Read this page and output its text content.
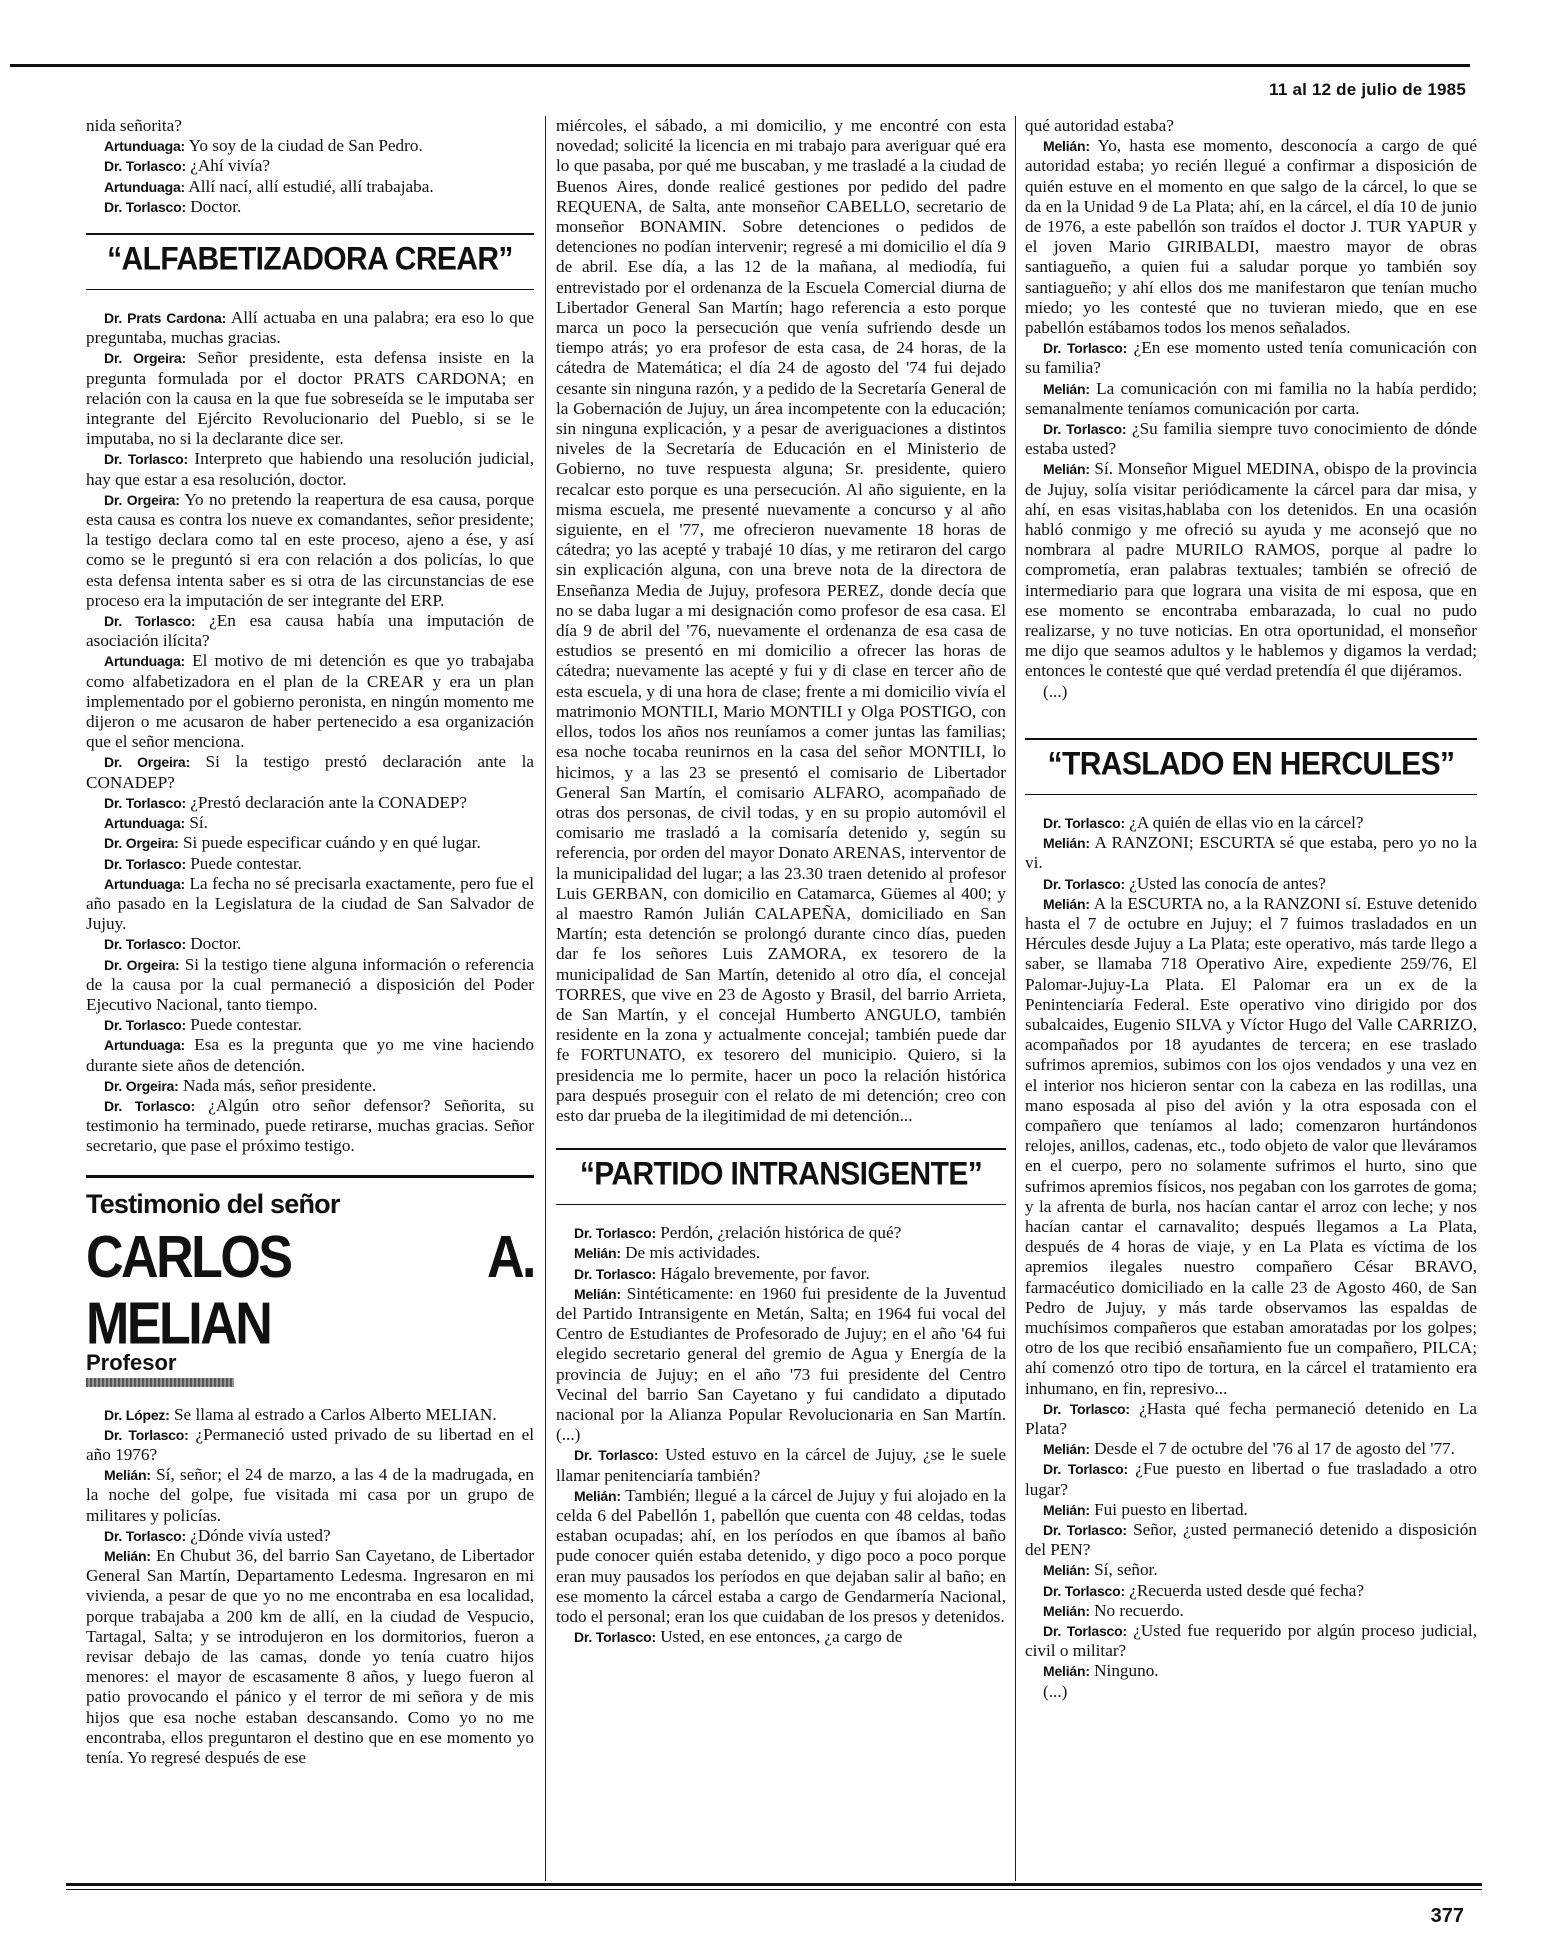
11 al 12 de julio de 1985

nida señorita?

Artunduaga: Yo soy de la ciudad de San Pedro.

Dr. Torlasco: ¿Ahí vivía?

Artunduaga: Allí nací, allí estudié, allí trabajaba.

Dr. Torlasco: Doctor.

“ALFABETIZADORA CREAR”

Dr. Prats Cardona: Allí actuaba en una palabra; era eso lo que preguntaba, muchas gracias.

Dr. Orgeira: Señor presidente, esta defensa insiste en la pregunta formulada por el doctor PRATS CARDONA; en relación con la causa en la que fue sobreseída se le imputaba ser integrante del Ejército Revolucionario del Pueblo, si se le imputaba, no si la declarante dice ser.

Dr. Torlasco: Interpreto que habiendo una resolución judicial, hay que estar a esa resolución, doctor.

Dr. Orgeira: Yo no pretendo la reapertura de esa causa, porque esta causa es contra los nueve ex comandantes, señor presidente; la testigo declara como tal en este proceso, ajeno a ése, y así como se le preguntó si era con relación a dos policías, lo que esta defensa intenta saber es si otra de las circunstancias de ese proceso era la imputación de ser integrante del ERP.

Dr. Torlasco: ¿En esa causa había una imputación de asociación ilícita?

Artunduaga: El motivo de mi detención es que yo trabajaba como alfabetizadora en el plan de la CREAR y era un plan implementado por el gobierno peronista, en ningún momento me dijeron o me acusaron de haber pertenecido a esa organización que el señor menciona.

Dr. Orgeira: Si la testigo prestó declaración ante la CONADEP?

Dr. Torlasco: ¿Prestó declaración ante la CONADEP?

Artunduaga: Sí.

Dr. Orgeira: Si puede especificar cuándo y en qué lugar.

Dr. Torlasco: Puede contestar.

Artunduaga: La fecha no sé precisarla exactamente, pero fue el año pasado en la Legislatura de la ciudad de San Salvador de Jujuy.

Dr. Torlasco: Doctor.

Dr. Orgeira: Si la testigo tiene alguna información o referencia de la causa por la cual permaneció a disposición del Poder Ejecutivo Nacional, tanto tiempo.

Dr. Torlasco: Puede contestar.

Artunduaga: Esa es la pregunta que yo me vine haciendo durante siete años de detención.

Dr. Orgeira: Nada más, señor presidente.

Dr. Torlasco: ¿Algún otro señor defensor? Señorita, su testimonio ha terminado, puede retirarse, muchas gracias. Señor secretario, que pase el próximo testigo.

Testimonio del señor
CARLOS A. MELIAN
Profesor

Dr. López: Se llama al estrado a Carlos Alberto MELIAN.

Dr. Torlasco: ¿Permaneció usted privado de su libertad en el año 1976?

Melián: Sí, señor; el 24 de marzo, a las 4 de la madrugada, en la noche del golpe, fue visitada mi casa por un grupo de militares y policías.

Dr. Torlasco: ¿Dónde vivía usted?

Melián: En Chubut 36, del barrio San Cayetano, de Libertador General San Martín, Departamento Ledesma. Ingresaron en mi vivienda, a pesar de que yo no me encontraba en esa localidad, porque trabajaba a 200 km de allí, en la ciudad de Vespucio, Tartagal, Salta; y se introdujeron en los dormitorios, fueron a revisar debajo de las camas, donde yo tenía cuatro hijos menores: el mayor de escasamente 8 años, y luego fueron al patio provocando el pánico y el terror de mi señora y de mis hijos que esa noche estaban descansando. Como yo no me encontraba, ellos preguntaron el destino que en ese momento yo tenía. Yo regresé después de ese

miércoles, el sábado, a mi domicilio, y me encontré con esta novedad; solicité la licencia en mi trabajo para averiguar qué era lo que pasaba, por qué me buscaban, y me trasladé a la ciudad de Buenos Aires, donde realicé gestiones por pedido del padre REQUENA, de Salta, ante monseñor CABELLO, secretario de monseñor BONAMIN. Sobre detenciones o pedidos de detenciones no podían intervenir; regresé a mi domicilio el día 9 de abril. Ese día, a las 12 de la mañana, al mediodía, fui entrevistado por el ordenanza de la Escuela Comercial diurna de Libertador General San Martín; hago referencia a esto porque marca un poco la persecución que venía sufriendo desde un tiempo atrás; yo era profesor de esta casa, de 24 horas, de la cátedra de Matemática; el día 24 de agosto del '74 fui dejado cesante sin ninguna razón, y a pedido de la Secretaría General de la Gobernación de Jujuy, un área incompetente con la educación; sin ninguna explicación, y a pesar de averiguaciones a distintos niveles de la Secretaría de Educación en el Ministerio de Gobierno, no tuve respuesta alguna; Sr. presidente, quiero recalcar esto porque es una persecución. Al año siguiente, en la misma escuela, me presenté nuevamente a concurso y al año siguiente, en el '77, me ofrecieron nuevamente 18 horas de cátedra; yo las acepté y trabajé 10 días, y me retiraron del cargo sin explicación alguna, con una breve nota de la directora de Enseñanza Media de Jujuy, profesora PEREZ, donde decía que no se daba lugar a mi designación como profesor de esa casa. El día 9 de abril del '76, nuevamente el ordenanza de esa casa de estudios se presentó en mi domicilio a ofrecer las horas de cátedra; nuevamente las acepté y fui y di clase en tercer año de esta escuela, y di una hora de clase; frente a mi domicilio vivía el matrimonio MONTILI, Mario MONTILI y Olga POSTIGO, con ellos, todos los años nos reuníamos a comer juntas las familias; esa noche tocaba reunirnos en la casa del señor MONTILI, lo hicimos, y a las 23 se presentó el comisario de Libertador General San Martín, el comisario ALFARO, acompañado de otras dos personas, de civil todas, y en su propio automóvil el comisario me trasladó a la comisaría detenido y, según su referencia, por orden del mayor Donato ARENAS, interventor de la municipalidad del lugar; a las 23.30 traen detenido al profesor Luis GERBAN, con domicilio en Catamarca, Güemes al 400; y al maestro Ramón Julián CALAPEÑA, domiciliado en San Martín; esta detención se prolongó durante cinco días, pueden dar fe los señores Luis ZAMORA, ex tesorero de la municipalidad de San Martín, detenido al otro día, el concejal TORRES, que vive en 23 de Agosto y Brasil, del barrio Arrieta, de San Martín, y el concejal Humberto ANGULO, también residente en la zona y actualmente concejal; también puede dar fe FORTUNATO, ex tesorero del municipio. Quiero, si la presidencia me lo permite, hacer un poco la relación histórica para después proseguir con el relato de mi detención; creo con esto dar prueba de la ilegitimidad de mi detención...

“PARTIDO INTRANSIGENTE”

Dr. Torlasco: Perdón, ¿relación histórica de qué?

Melián: De mis actividades.

Dr. Torlasco: Hágalo brevemente, por favor.

Melián: Sintéticamente: en 1960 fui presidente de la Juventud del Partido Intransigente en Metán, Salta; en 1964 fui vocal del Centro de Estudiantes de Profesorado de Jujuy; en el año '64 fui elegido secretario general del gremio de Agua y Energía de la provincia de Jujuy; en el año '73 fui presidente del Centro Vecinal del barrio San Cayetano y fui candidato a diputado nacional por la Alianza Popular Revolucionaria en San Martín.(...)

Dr. Torlasco: Usted estuvo en la cárcel de Jujuy, ¿se le suele llamar penitenciaría también?

Melián: También; llegué a la cárcel de Jujuy y fui alojado en la celda 6 del Pabellón 1, pabellón que cuenta con 48 celdas, todas estaban ocupadas; ahí, en los períodos en que íbamos al baño pude conocer quién estaba detenido, y digo poco a poco porque eran muy pausados los períodos en que dejaban salir al baño; en ese momento la cárcel estaba a cargo de Gendarmería Nacional, todo el personal; eran los que cuidaban de los presos y detenidos.

Dr. Torlasco: Usted, en ese entonces, ¿a cargo de

qué autoridad estaba?

Melián: Yo, hasta ese momento, desconocía a cargo de qué autoridad estaba; yo recién llegué a confirmar a disposición de quién estuve en el momento en que salgo de la cárcel, lo que se da en la Unidad 9 de La Plata; ahí, en la cárcel, el día 10 de junio de 1976, a este pabellón son traídos el doctor J. TUR YAPUR y el joven Mario GIRIBALDI, maestro mayor de obras santiagueño, a quien fui a saludar porque yo también soy santiagueño; y ahí ellos dos me manifestaron que tenían mucho miedo; yo les contesté que no tuvieran miedo, que en ese pabellón estábamos todos los menos señalados.

Dr. Torlasco: ¿En ese momento usted tenía comunicación con su familia?

Melián: La comunicación con mi familia no la había perdido; semanalmente teníamos comunicación por carta.

Dr. Torlasco: ¿Su familia siempre tuvo conocimiento de dónde estaba usted?

Melián: Sí. Monseñor Miguel MEDINA, obispo de la provincia de Jujuy, solía visitar periódicamente la cárcel para dar misa, y ahí, en esas visitas,hablaba con los detenidos. En una ocasión habló conmigo y me ofreció su ayuda y me aconsejó que no nombrara al padre MURILO RAMOS, porque al padre lo comprometía, eran palabras textuales; también se ofreció de intermediario para que lograra una visita de mi esposa, que en ese momento se encontraba embarazada, lo cual no pudo realizarse, y no tuve noticias. En otra oportunidad, el monseñor me dijo que seamos adultos y le hablemos y digamos la verdad; entonces le contesté que qué verdad pretendía él que dijéramos.

(...)

“TRASLADO EN HERCULES”

Dr. Torlasco: ¿A quién de ellas vio en la cárcel?

Melián: A RANZONI; ESCURTA sé que estaba, pero yo no la vi.

Dr. Torlasco: ¿Usted las conocía de antes?

Melián: A la ESCURTA no, a la RANZONI sí. Estuve detenido hasta el 7 de octubre en Jujuy; el 7 fuimos trasladados en un Hércules desde Jujuy a La Plata; este operativo, más tarde llego a saber, se llamaba 718 Operativo Aire, expediente 259/76, El Palomar-Jujuy-La Plata. El Palomar era un ex de la Penintenciaría Federal. Este operativo vino dirigido por dos subalcaides, Eugenio SILVA y Víctor Hugo del Valle CARRIZO, acompañados por 18 ayudantes de tercera; en ese traslado sufrimos apremios, subimos con los ojos vendados y una vez en el interior nos hicieron sentar con la cabeza en las rodillas, una mano esposada al piso del avión y la otra esposada con el compañero que teníamos al lado; comenzaron hurtándonos relojes, anillos, cadenas, etc., todo objeto de valor que lleváramos en el cuerpo, pero no solamente sufrimos el hurto, sino que sufrimos apremios físicos, nos pegaban con los garrotes de goma; y la afrenta de burla, nos hacían cantar el arroz con leche; y nos hacían cantar el carnavalito; después llegamos a La Plata, después de 4 horas de viaje, y en La Plata es víctima de los apremios ilegales nuestro compañero César BRAVO, farmacéutico domiciliado en la calle 23 de Agosto 460, de San Pedro de Jujuy, y más tarde observamos las espaldas de muchísimos compañeros que estaban amoratadas por los golpes; otro de los que recibió ensañamiento fue un compañero, PILCA; ahí comenzó otro tipo de tortura, en la cárcel el tratamiento era inhumano, en fin, represivo...

Dr. Torlasco: ¿Hasta qué fecha permaneció detenido en La Plata?

Melián: Desde el 7 de octubre del '76 al 17 de agosto del '77.

Dr. Torlasco: ¿Fue puesto en libertad o fue trasladado a otro lugar?

Melián: Fui puesto en libertad.

Dr. Torlasco: Señor, ¿usted permaneció detenido a disposición del PEN?

Melián: Sí, señor.

Dr. Torlasco: ¿Recuerda usted desde qué fecha?

Melián: No recuerdo.

Dr. Torlasco: ¿Usted fue requerido por algún proceso judicial, civil o militar?

Melián: Ninguno.

(...)

377
